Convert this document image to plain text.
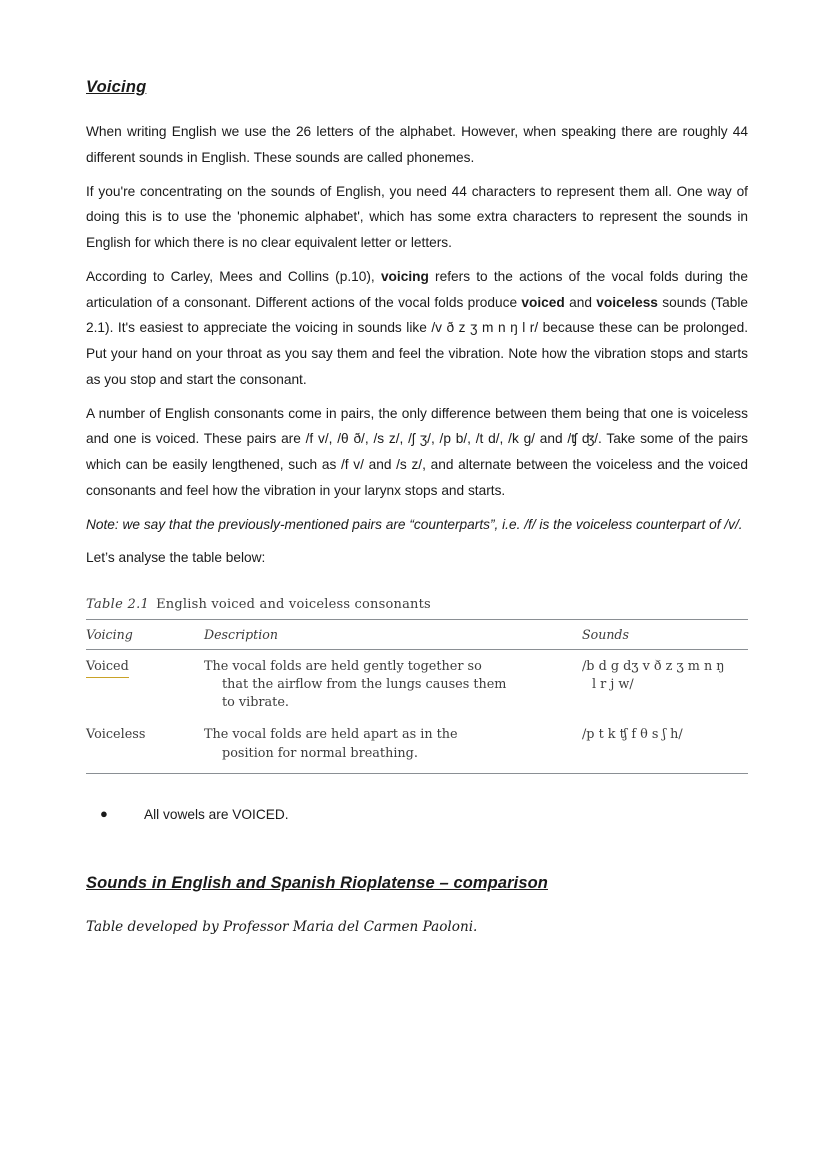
Voicing

When writing English we use the 26 letters of the alphabet. However, when speaking there are roughly 44 different sounds in English. These sounds are called phonemes.

If you're concentrating on the sounds of English, you need 44 characters to represent them all. One way of doing this is to use the 'phonemic alphabet', which has some extra characters to represent the sounds in English for which there is no clear equivalent letter or letters.

According to Carley, Mees and Collins (p.10), voicing refers to the actions of the vocal folds during the articulation of a consonant. Different actions of the vocal folds produce voiced and voiceless sounds (Table 2.1). It's easiest to appreciate the voicing in sounds like /v ð z ʒ m n ŋ l r/ because these can be prolonged. Put your hand on your throat as you say them and feel the vibration. Note how the vibration stops and starts as you stop and start the consonant.

A number of English consonants come in pairs, the only difference between them being that one is voiceless and one is voiced. These pairs are /f v/, /θ ð/, /s z/, /ʃ ʒ/, /p b/, /t d/, /k g/ and /ʧ ʤ/. Take some of the pairs which can be easily lengthened, such as /f v/ and /s z/, and alternate between the voiceless and the voiced consonants and feel how the vibration in your larynx stops and starts.

Note: we say that the previously-mentioned pairs are “counterparts”, i.e. /f/ is the voiceless counterpart of /v/.

Let’s analyse the table below:

Table 2.1 English voiced and voiceless consonants
Voicing	Description	Sounds
Voiced	The vocal folds are held gently together so
that the airflow from the lungs causes them
to vibrate.	/b d g dʒ v ð z ʒ m n ŋ
l r j w/

Voiceless	The vocal folds are held apart as in the
position for normal breathing.	/p t k ʧ f θ s ʃ h/
●	All vowels are VOICED.
Sounds in English and Spanish Rioplatense – comparison
Table developed by Professor Maria del Carmen Paoloni.
